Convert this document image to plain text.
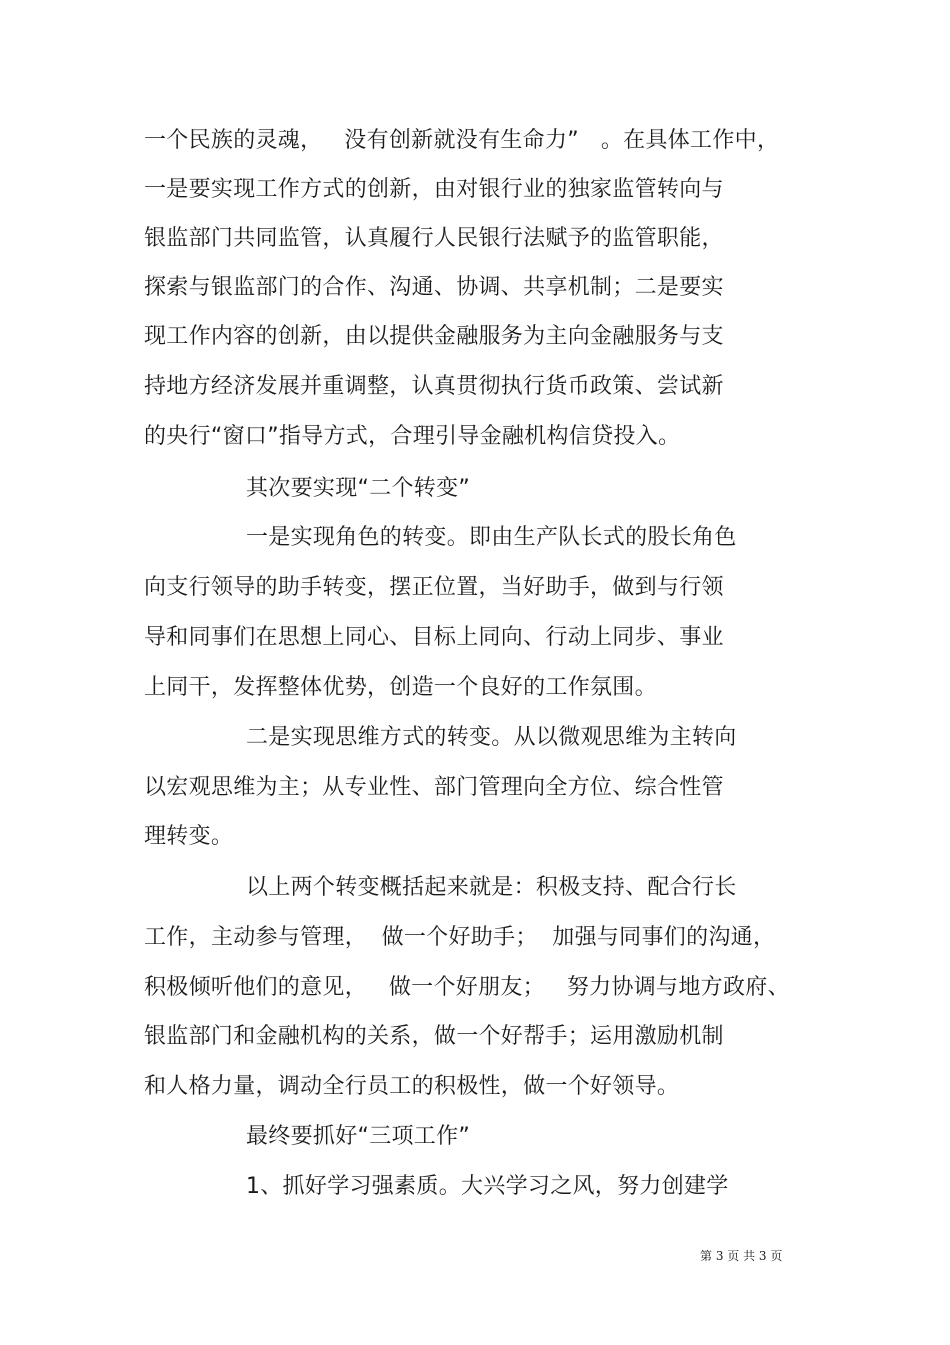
一个民族的灵魂，   没有创新就没有生命力”   。在具体工作中，
一是要实现工作方式的创新，由对银行业的独家监管转向与
银监部门共同监管，认真履行人民银行法赋予的监管职能，
探索与银监部门的合作、沟通、协调、共享机制；二是要实
现工作内容的创新，由以提供金融服务为主向金融服务与支
持地方经济发展并重调整，认真贯彻执行货币政策、尝试新
的央行“窗口”指导方式，合理引导金融机构信贷投入。
其次要实现“二个转变”
一是实现角色的转变。即由生产队长式的股长角色
向支行领导的助手转变，摆正位置，当好助手，做到与行领
导和同事们在思想上同心、目标上同向、行动上同步、事业
上同干，发挥整体优势，创造一个良好的工作氛围。
二是实现思维方式的转变。从以微观思维为主转向
以宏观思维为主；从专业性、部门管理向全方位、综合性管
理转变。
以上两个转变概括起来就是：积极支持、配合行长
工作，主动参与管理，  做一个好助手；  加强与同事们的沟通，
积极倾听他们的意见，   做一个好朋友；   努力协调与地方政府、
银监部门和金融机构的关系，做一个好帮手；运用激励机制
和人格力量，调动全行员工的积极性，做一个好领导。
最终要抓好“三项工作”
1、抓好学习强素质。大兴学习之风，努力创建学
第 3 页 共 3 页
